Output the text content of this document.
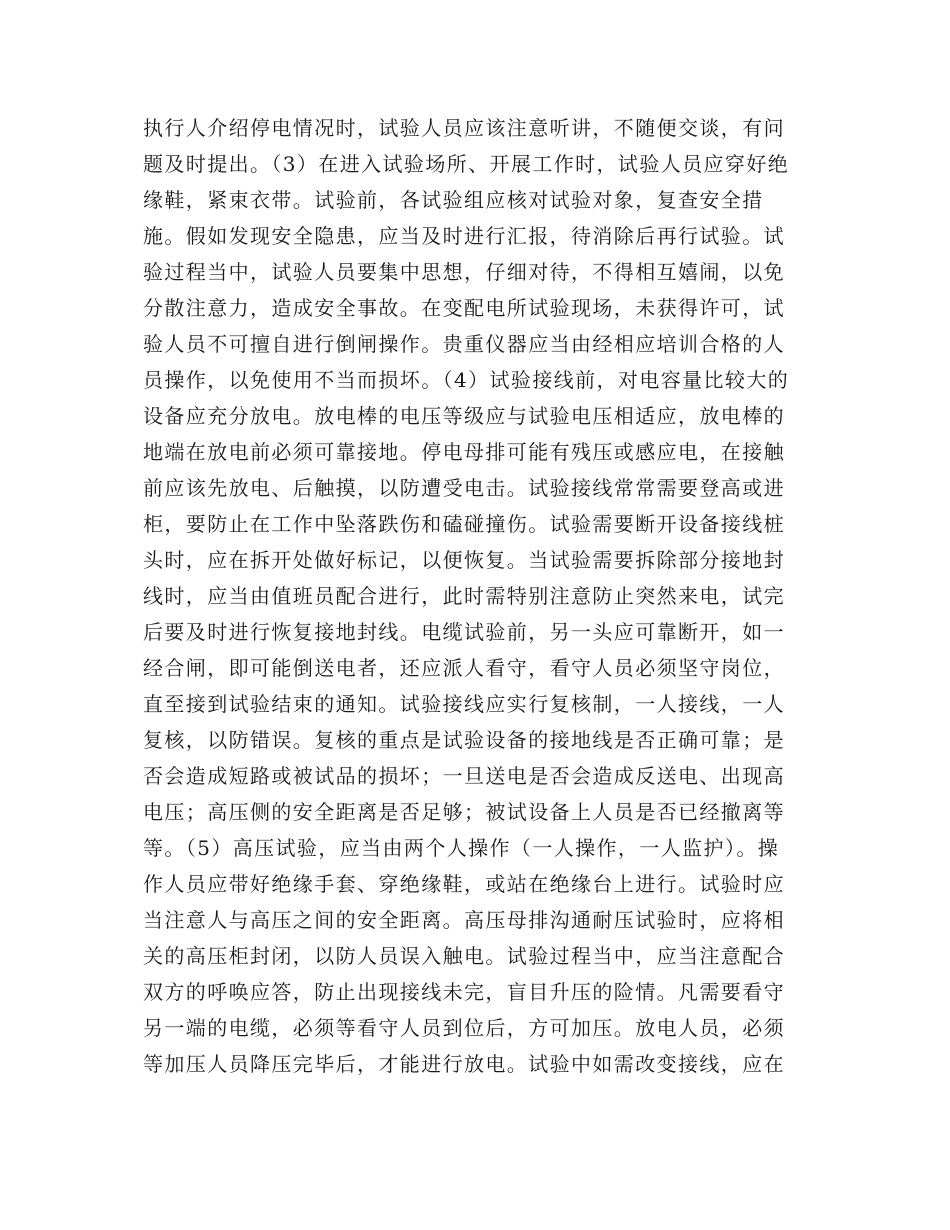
执行人介绍停电情况时，试验人员应该注意听讲，不随便交谈，有问
题及时提出。（3）在进入试验场所、开展工作时，试验人员应穿好绝
缘鞋，紧束衣带。试验前，各试验组应核对试验对象，复查安全措
施。假如发现安全隐患，应当及时进行汇报，待消除后再行试验。试
验过程当中，试验人员要集中思想，仔细对待，不得相互嬉闹，以免
分散注意力，造成安全事故。在变配电所试验现场，未获得许可，试
验人员不可擅自进行倒闸操作。贵重仪器应当由经相应培训合格的人
员操作，以免使用不当而损坏。（4）试验接线前，对电容量比较大的
设备应充分放电。放电棒的电压等级应与试验电压相适应，放电棒的
地端在放电前必须可靠接地。停电母排可能有残压或感应电，在接触
前应该先放电、后触摸，以防遭受电击。试验接线常常需要登高或进
柜，要防止在工作中坠落跌伤和磕碰撞伤。试验需要断开设备接线桩
头时，应在拆开处做好标记，以便恢复。当试验需要拆除部分接地封
线时，应当由值班员配合进行，此时需特别注意防止突然来电，试完
后要及时进行恢复接地封线。电缆试验前，另一头应可靠断开，如一
经合闸，即可能倒送电者，还应派人看守，看守人员必须坚守岗位，
直至接到试验结束的通知。试验接线应实行复核制，一人接线，一人
复核，以防错误。复核的重点是试验设备的接地线是否正确可靠；是
否会造成短路或被试品的损坏；一旦送电是否会造成反送电、出现高
电压；高压侧的安全距离是否足够；被试设备上人员是否已经撤离等
等。（5）高压试验，应当由两个人操作（一人操作，一人监护）。操
作人员应带好绝缘手套、穿绝缘鞋，或站在绝缘台上进行。试验时应
当注意人与高压之间的安全距离。高压母排沟通耐压试验时，应将相
关的高压柜封闭，以防人员误入触电。试验过程当中，应当注意配合
双方的呼唤应答，防止出现接线未完，盲目升压的险情。凡需要看守
另一端的电缆，必须等看守人员到位后，方可加压。放电人员，必须
等加压人员降压完毕后，才能进行放电。试验中如需改变接线，应在
